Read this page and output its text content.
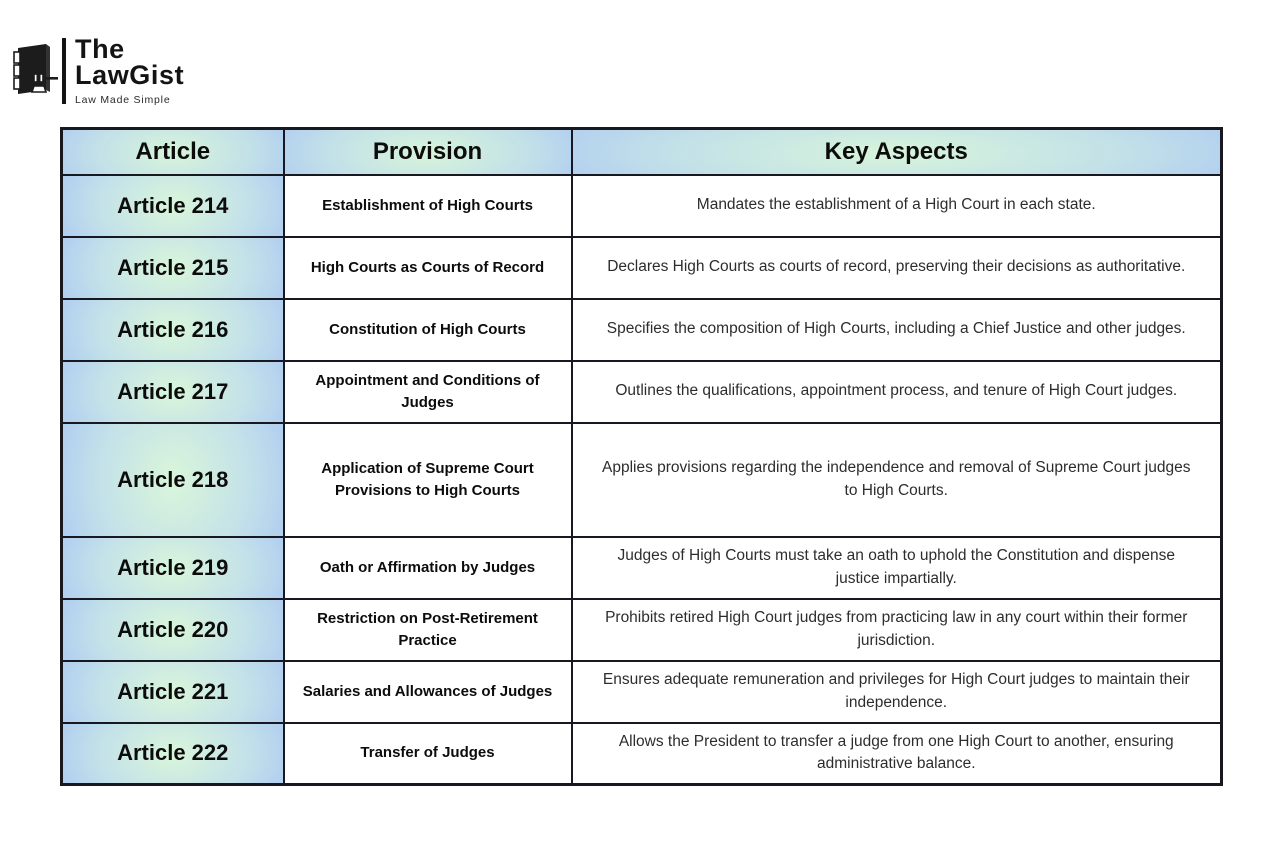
The
LawGist
Law Made Simple
Article	Provision	Key Aspects
Article 214	Establishment of High Courts	Mandates the establishment of a High Court in each state.
Article 215	High Courts as Courts of Record	Declares High Courts as courts of record, preserving their decisions as authoritative.
Article 216	Constitution of High Courts	Specifies the composition of High Courts, including a Chief Justice and other judges.
Article 217	Appointment and Conditions of Judges	Outlines the qualifications, appointment process, and tenure of High Court judges.
Article 218	Application of Supreme Court Provisions to High Courts	Applies provisions regarding the independence and removal of Supreme Court judges to High Courts.
Article 219	Oath or Affirmation by Judges	Judges of High Courts must take an oath to uphold the Constitution and dispense justice impartially.
Article 220	Restriction on Post-Retirement Practice	Prohibits retired High Court judges from practicing law in any court within their former jurisdiction.
Article 221	Salaries and Allowances of Judges	Ensures adequate remuneration and privileges for High Court judges to maintain their independence.
Article 222	Transfer of Judges	Allows the President to transfer a judge from one High Court to another, ensuring administrative balance.
